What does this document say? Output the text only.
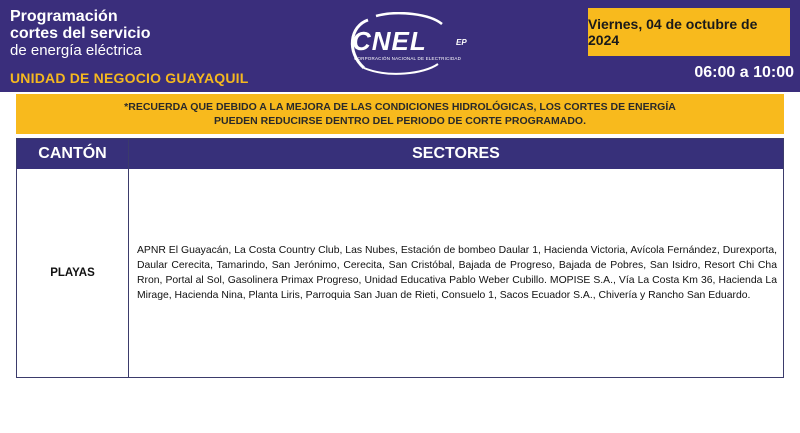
Programación
cortes del servicio
de energía eléctrica
UNIDAD DE NEGOCIO GUAYAQUIL
CNEL	EP
CORPORACIÓN NACIONAL DE ELECTRICIDAD
Viernes, 04 de octubre de 2024
06:00 a 10:00
*RECUERDA QUE DEBIDO A LA MEJORA DE LAS CONDICIONES HIDROLÓGICAS, LOS CORTES DE ENERGÍA
PUEDEN REDUCIRSE DENTRO DEL PERIODO DE CORTE PROGRAMADO.
CANTÓN	SECTORES
PLAYAS
APNR El Guayacán, La Costa Country Club, Las Nubes, Estación de bombeo Daular 1, Hacienda Victoria, Avícola Fernández, Durexporta, Daular Cerecita, Tamarindo, San Jerónimo, Cerecita, San Cristóbal, Bajada de Progreso, Bajada de Pobres, San Isidro, Resort Chi Cha Rron, Portal al Sol, Gasolinera Primax Progreso, Unidad Educativa Pablo Weber Cubillo. MOPISE S.A., Vía La Costa Km 36, Hacienda La Mirage, Hacienda Nina, Planta Liris, Parroquia San Juan de Rieti, Consuelo 1, Sacos Ecuador S.A., Chivería y Rancho San Eduardo.
